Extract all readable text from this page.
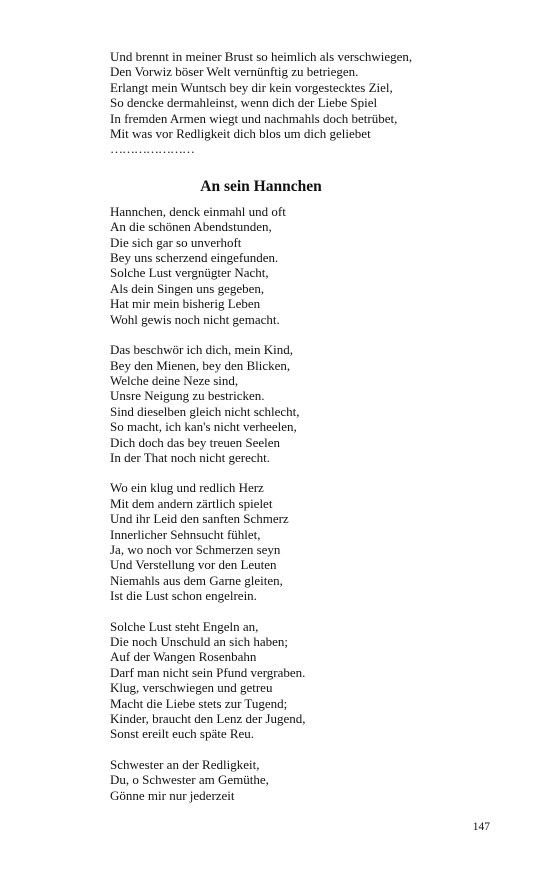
Und brennt in meiner Brust so heimlich als verschwiegen,
Den Vorwiz böser Welt vernünftig zu betriegen.
Erlangt mein Wuntsch bey dir kein vorgestecktes Ziel,
So dencke dermahleinst, wenn dich der Liebe Spiel
In fremden Armen wiegt und nachmahls doch betrübet,
Mit was vor Redligkeit dich blos um dich geliebet
…………………
An sein Hannchen
Hannchen, denck einmahl und oft
An die schönen Abendstunden,
Die sich gar so unverhoft
Bey uns scherzend eingefunden.
Solche Lust vergnügter Nacht,
Als dein Singen uns gegeben,
Hat mir mein bisherig Leben
Wohl gewis noch nicht gemacht.
Das beschwör ich dich, mein Kind,
Bey den Mienen, bey den Blicken,
Welche deine Neze sind,
Unsre Neigung zu bestricken.
Sind dieselben gleich nicht schlecht,
So macht, ich kan's nicht verheelen,
Dich doch das bey treuen Seelen
In der That noch nicht gerecht.
Wo ein klug und redlich Herz
Mit dem andern zärtlich spielet
Und ihr Leid den sanften Schmerz
Innerlicher Sehnsucht fühlet,
Ja, wo noch vor Schmerzen seyn
Und Verstellung vor den Leuten
Niemahls aus dem Garne gleiten,
Ist die Lust schon engelrein.
Solche Lust steht Engeln an,
Die noch Unschuld an sich haben;
Auf der Wangen Rosenbahn
Darf man nicht sein Pfund vergraben.
Klug, verschwiegen und getreu
Macht die Liebe stets zur Tugend;
Kinder, braucht den Lenz der Jugend,
Sonst ereilt euch späte Reu.
Schwester an der Redligkeit,
Du, o Schwester am Gemüthe,
Gönne mir nur jederzeit
147
